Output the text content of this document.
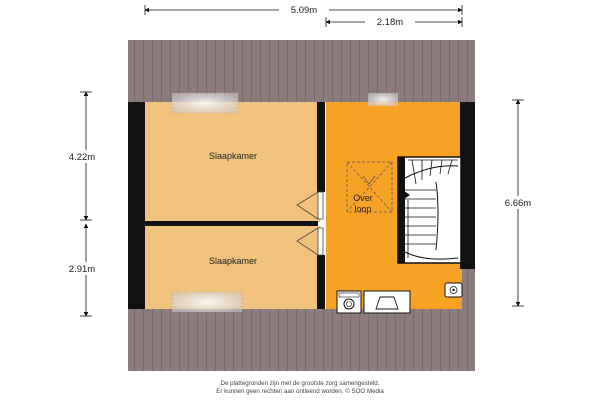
5.09m
2.18m
4.22m
2.91m
6.66m
Slaapkamer
Slaapkamer
Over
loop
De plattegronden zijn met de grootste zorg samengesteld.
Er kunnen geen rechten aan ontleend worden. © SOO Media
